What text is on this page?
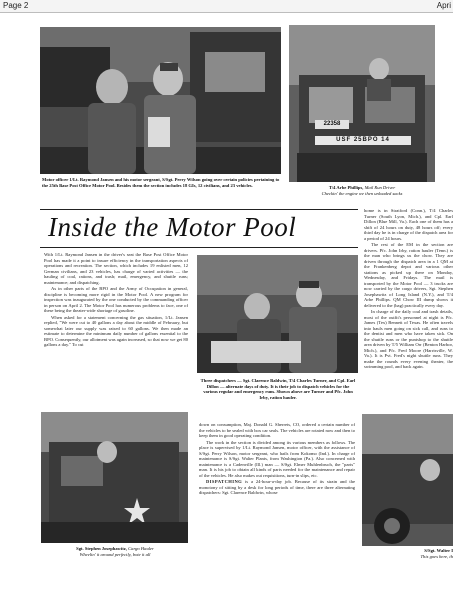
Page 2	Apri
Motor officer 1/Lt. Raymond Jansen and his motor sergeant, S/Sgt. Perry Wilson going over certain policies pertaining to the 25th Base Post Office Motor Pool. Besides them the section includes 18 GIs, 12 civilians, and 23 vehicles.
22358
USF 25BPO 14
T/4 Arbe Phillips, Mail Run Driver
Checkin' the engine we then unloaded sacks
Inside the Motor Pool

With 1/Lt. Raymond Jansen in the driver's seat the Base Post Office Motor Pool has made it a point to insure efficiency in the transportation aspects of operations and recreation. The section, which includes 19 enlisted men, 12 German civilians, and 23 vehicles, has charge of varied activities — the hauling of coal, rations, and trash; mail, emergency, and shuttle runs; maintenance; and dispatching.

As in other parts of the BPO and the Army of Occupation in general, discipline is becoming more rigid in the Motor Pool. A new program for inspection was inaugurated by the one conducted by the commanding officer in person on April 2. The Motor Pool has numerous problems to face, one of these being the theater-wide shortage of gasoline.

When asked for a statement concerning the gas situation, 1/Lt. Jansen replied, "We were cut to 40 gallons a day about the middle of February, but somewhat later our supply was raised to 60 gallons. We then made an estimate to determine the minimum daily number of gallons essential to the BPO. Consequently, our allotment was again increased, so that now we get 80 gallons a day." To cut

Three dispatchers — Sgt. Clarence Baldwin, T/4 Charles Turner, and Cpl. Earl Dillon — alternate days of duty. It is their job to dispatch vehicles for the various regular and emergency runs. Shown above are Turner and Pfc. John Irby, ration hauler.

home is in Stratford (Conn.), T/4 Charles Turner (South Lyon, Mich.), and Cpl. Earl Dillon (Blue Mill, Va.). Each one of them has a shift of 24 hours on duty, 48 hours off; every third day he is in charge of the dispatch area for a period of 24 hours.

The rest of the EM in the section are drivers. Pfc. John Irby, ration hauler (Tenn.) is the man who brings us the chow. They are driven through the dispatch area in a 1 QM at the Frankenberg depot and various other stations as picked up there on Monday, Wednesday, and Fridays. The mail is transported by the Motor Pool — 3 trucks are now carried by the cargo drivers, Sgt. Stephen Josephawitz of Long Island (N.Y.), and T/4 Arbe Phillips. QM Chow III dump shows it delivered to the (bag) practically every day.

In charge of the daily coal and trash details, most of the outfit's personnel at night is Pfc. James (Tex) Bennett of Texas. He often travels into hauls men going on sick call, and runs to the dentist and men who have taken sick. On the shuttle runs or the puntshop to the shuttle area driven by T/5 William Orr (Benton Harbor, Mich.), and Pfc. Fred Moore (Harrisville, W. Va.). It is Pvt. Fred's night shuttle runs. They make the rounds every evening theater, the swimming pool, and back again.

Sgt. Stephen Josephawitz, Cargo Hauler
Wheelin' it around perfectly, bote it all

down on consumption, Maj. Donald G. Sherrets, CO, ordered a certain number of the vehicles to be sealed with box car seals. The vehicles are rotated now and then to keep them in good operating condition.

The work in the section is divided among its various members as follows. The place is supervised by 1/Lt. Raymond Jansen, motor officer, with the assistance of S/Sgt. Perry Wilson, motor sergeant, who hails from Kokomo (Ind.). In charge of maintenance is S/Sgt. Walter Plants, from Washington (Pa.). Also concerned with maintenance is a Cadenville (Ill.) man — S/Sgt. Elmer Muhlenbruch, the "parts" man. It is his job to obtain all kinds of parts needed for the maintenance and repair of the vehicles. He also makes out requisitions, turn-in slips, etc.

DISPATCHING is a 24-hour-a-day job. Because of its strain and the monotony of sitting by a desk for long periods of time, there are three alternating dispatchers: Sgt. Clarence Baldwin, whose

S/Sgt. Walter I
This goes here, th
